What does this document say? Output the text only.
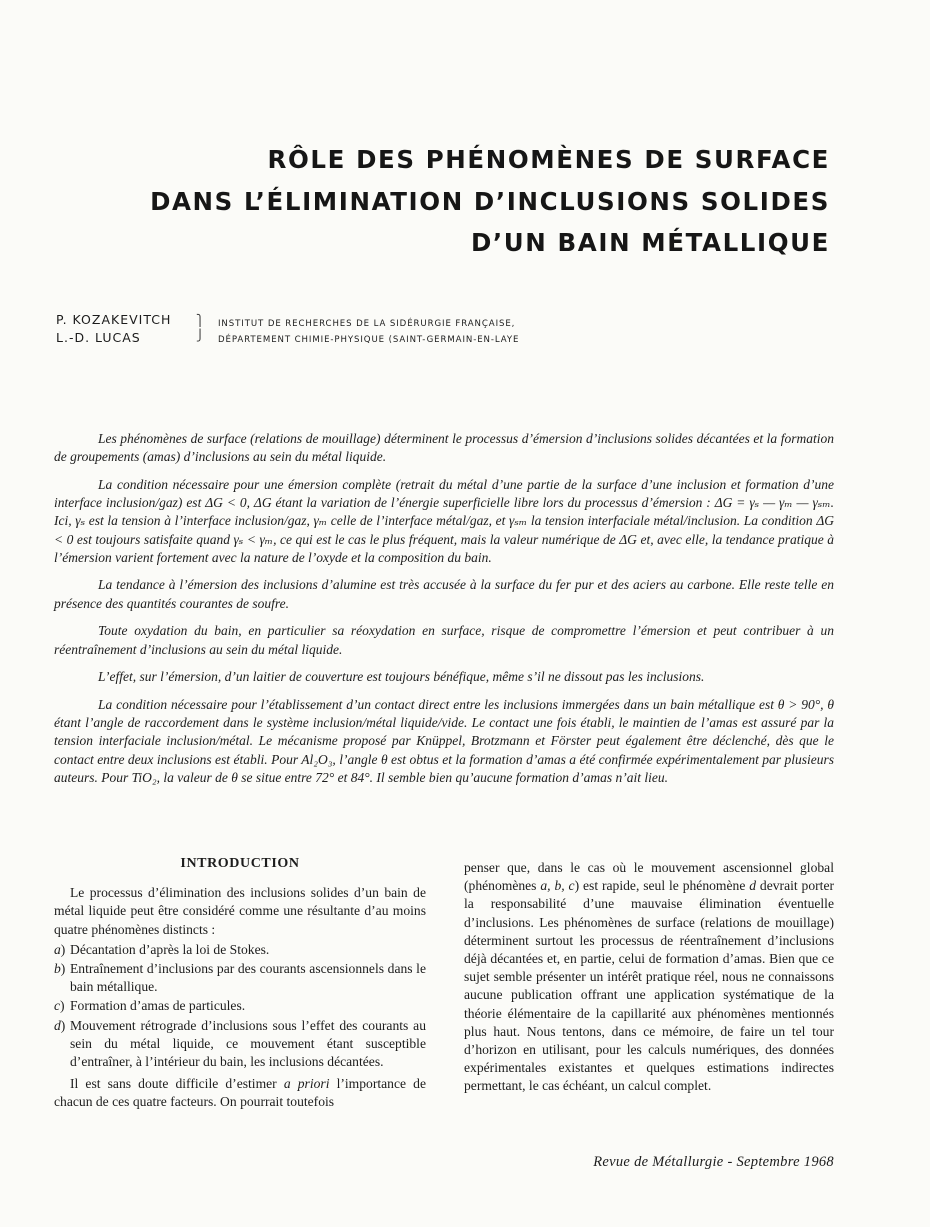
RÔLE DES PHÉNOMÈNES DE SURFACE
DANS L’ÉLIMINATION D’INCLUSIONS SOLIDES
D’UN BAIN MÉTALLIQUE
P. KOZAKEVITCH
L.-D. LUCAS
⎫
⎭
INSTITUT DE RECHERCHES DE LA SIDÉRURGIE FRANÇAISE,
DÉPARTEMENT CHIMIE-PHYSIQUE (SAINT-GERMAIN-EN-LAYE

Les phénomènes de surface (relations de mouillage) déterminent le processus d’émersion d’inclusions solides décantées et la formation de groupements (amas) d’inclusions au sein du métal liquide.

La condition nécessaire pour une émersion complète (retrait du métal d’une partie de la surface d’une inclusion et formation d’une interface inclusion/gaz) est ΔG < 0, ΔG étant la variation de l’énergie superficielle libre lors du processus d’émersion : ΔG = γₛ — γₘ — γₛₘ. Ici, γₛ est la tension à l’interface inclusion/gaz, γₘ celle de l’interface métal/gaz, et γₛₘ la tension interfaciale métal/inclusion. La condition ΔG < 0 est toujours satisfaite quand γₛ < γₘ, ce qui est le cas le plus fréquent, mais la valeur numérique de ΔG et, avec elle, la tendance pratique à l’émersion varient fortement avec la nature de l’oxyde et la composition du bain.

La tendance à l’émersion des inclusions d’alumine est très accusée à la surface du fer pur et des aciers au carbone. Elle reste telle en présence des quantités courantes de soufre.

Toute oxydation du bain, en particulier sa réoxydation en surface, risque de compromettre l’émersion et peut contribuer à un réentraînement d’inclusions au sein du métal liquide.

L’effet, sur l’émersion, d’un laitier de couverture est toujours bénéfique, même s’il ne dissout pas les inclusions.

La condition nécessaire pour l’établissement d’un contact direct entre les inclusions immergées dans un bain métallique est θ > 90°, θ étant l’angle de raccordement dans le système inclusion/métal liquide/vide. Le contact une fois établi, le maintien de l’amas est assuré par la tension interfaciale inclusion/métal. Le mécanisme proposé par Knüppel, Brotzmann et Förster peut également être déclenché, dès que le contact entre deux inclusions est établi. Pour Al₂O₃, l’angle θ est obtus et la formation d’amas a été confirmée expérimentalement par plusieurs auteurs. Pour TiO₂, la valeur de θ se situe entre 72° et 84°. Il semble bien qu’aucune formation d’amas n’ait lieu.

INTRODUCTION

Le processus d’élimination des inclusions solides d’un bain de métal liquide peut être considéré comme une résultante d’au moins quatre phénomènes distincts :

a) Décantation d’après la loi de Stokes.
b) Entraînement d’inclusions par des courants ascensionnels dans le bain métallique.
c) Formation d’amas de particules.
d) Mouvement rétrograde d’inclusions sous l’effet des courants au sein du métal liquide, ce mouvement étant susceptible d’entraîner, à l’intérieur du bain, les inclusions décantées.

Il est sans doute difficile d’estimer a priori l’importance de chacun de ces quatre facteurs. On pourrait toutefois

penser que, dans le cas où le mouvement ascensionnel global (phénomènes a, b, c) est rapide, seul le phénomène d devrait porter la responsabilité d’une mauvaise élimination éventuelle d’inclusions. Les phénomènes de surface (relations de mouillage) déterminent surtout les processus de réentraînement d’inclusions déjà décantées et, en partie, celui de formation d’amas. Bien que ce sujet semble présenter un intérêt pratique réel, nous ne connaissons aucune publication offrant une application systématique de la théorie élémentaire de la capillarité aux phénomènes mentionnés plus haut. Nous tentons, dans ce mémoire, de faire un tel tour d’horizon en utilisant, pour les calculs numériques, des données expérimentales existantes et quelques estimations indirectes permettant, le cas échéant, un calcul complet.

Revue de Métallurgie - Septembre 1968
